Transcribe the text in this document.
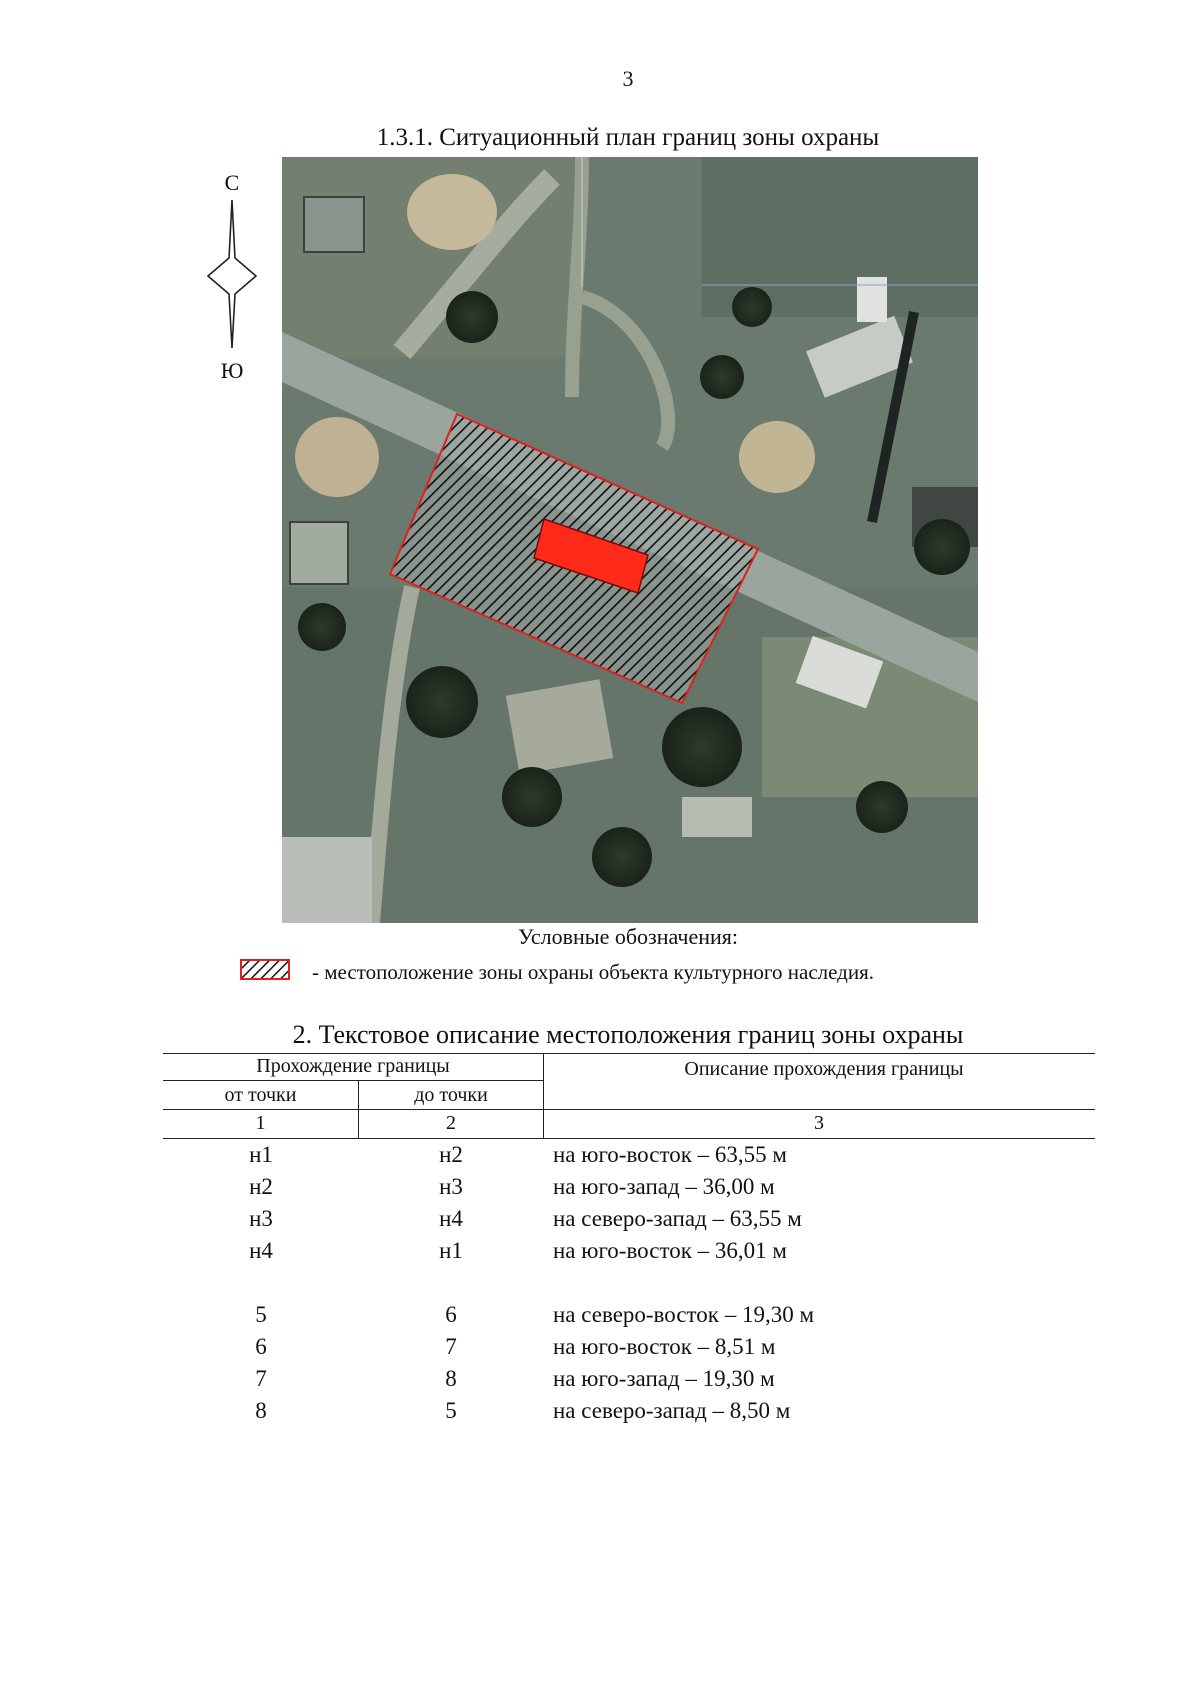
3
1.3.1. Ситуационный план границ зоны охраны
С
Ю
Условные обозначения:
- местоположение зоны охраны объекта культурного наследия.
2. Текстовое описание местоположения границ зоны охраны
Прохождение границы	Описание прохождения границы
от точки	до точки
1	2	3
н1	н2	на юго-восток – 63,55 м
н2	н3	на юго-запад – 36,00 м
н3	н4	на северо-запад – 63,55 м
н4	н1	на юго-восток – 36,01 м
5	6	на северо-восток – 19,30 м
6	7	на юго-восток – 8,51 м
7	8	на юго-запад – 19,30 м
8	5	на северо-запад – 8,50 м
